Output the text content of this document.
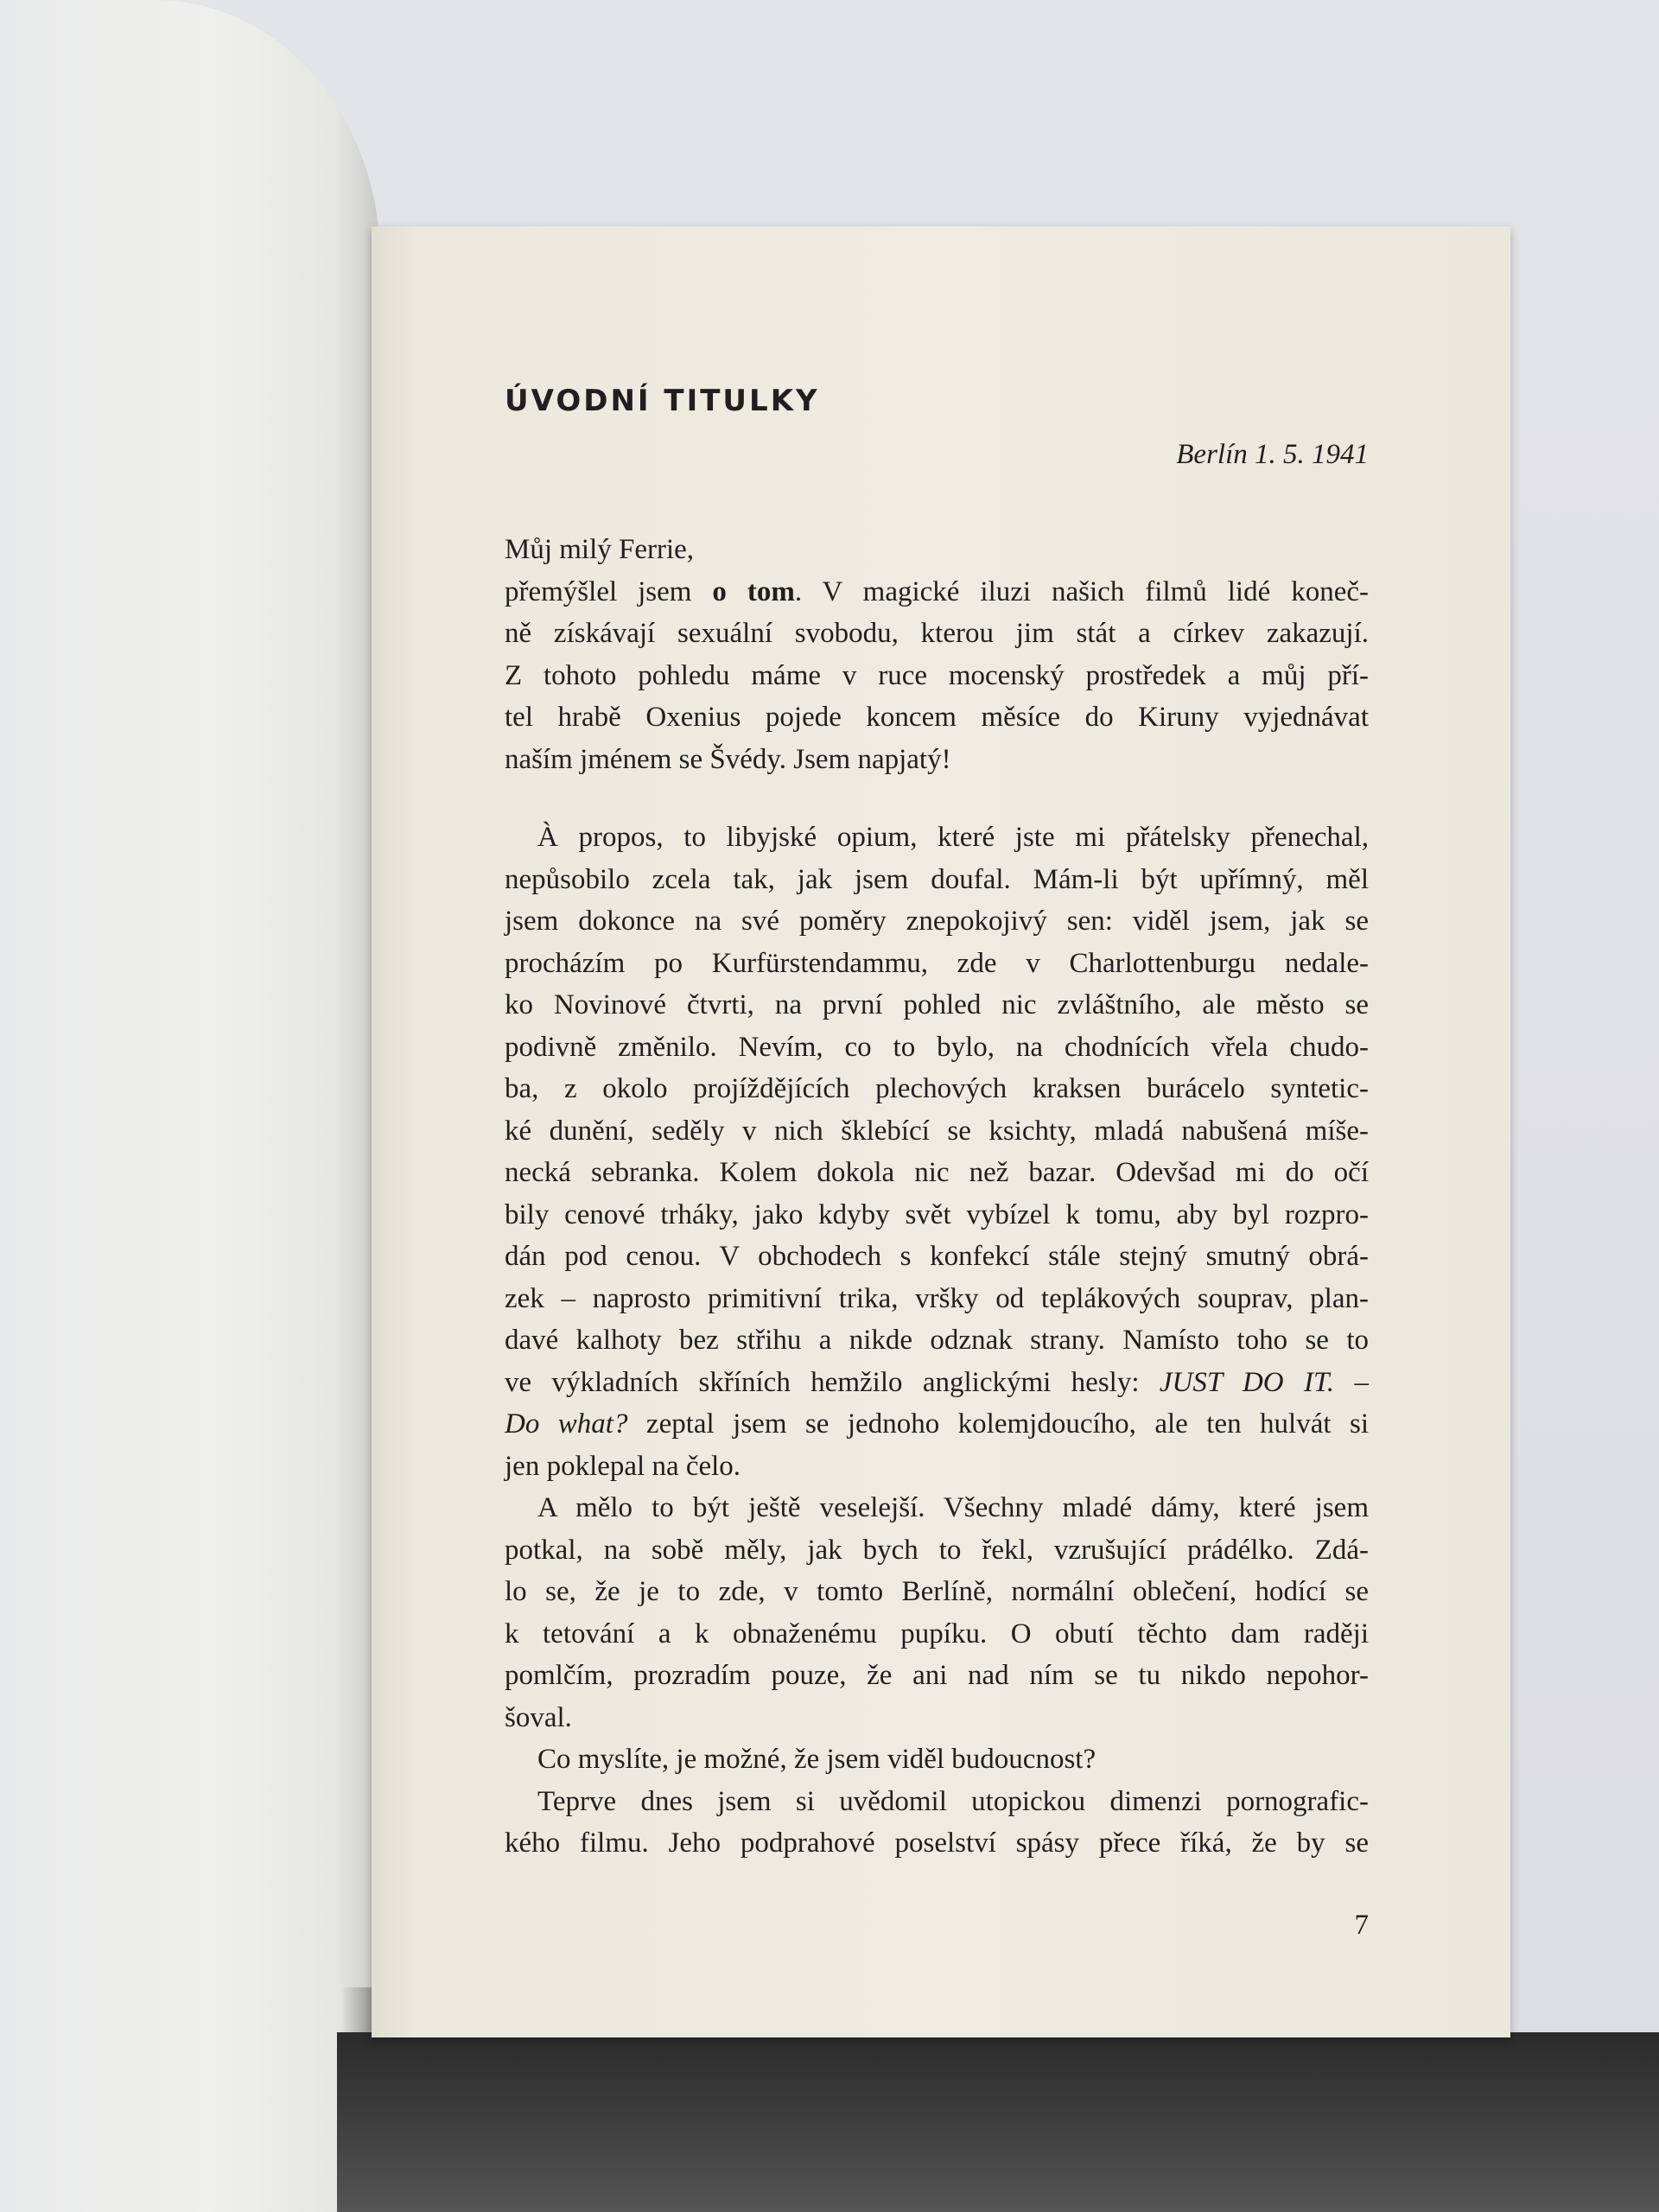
ÚVODNÍ TITULKY
Berlín 1. 5. 1941
Můj milý Ferrie,
přemýšlel jsem o tom. V magické iluzi našich filmů lidé koneč-
ně získávají sexuální svobodu, kterou jim stát a církev zakazují.
Z tohoto pohledu máme v ruce mocenský prostředek a můj pří-
tel hrabě Oxenius pojede koncem měsíce do Kiruny vyjednávat
naším jménem se Švédy. Jsem napjatý!
À propos, to libyjské opium, které jste mi přátelsky přenechal,
nepůsobilo zcela tak, jak jsem doufal. Mám-li být upřímný, měl
jsem dokonce na své poměry znepokojivý sen: viděl jsem, jak se
procházím po Kurfürstendammu, zde v Charlottenburgu nedale-
ko Novinové čtvrti, na první pohled nic zvláštního, ale město se
podivně změnilo. Nevím, co to bylo, na chodnících vřela chudo-
ba, z okolo projíždějících plechových kraksen burácelo syntetic-
ké dunění, seděly v nich šklebící se ksichty, mladá nabušená míše-
necká sebranka. Kolem dokola nic než bazar. Odevšad mi do očí
bily cenové trháky, jako kdyby svět vybízel k tomu, aby byl rozpro-
dán pod cenou. V obchodech s konfekcí stále stejný smutný obrá-
zek – naprosto primitivní trika, vršky od teplákových souprav, plan-
davé kalhoty bez střihu a nikde odznak strany. Namísto toho se to
ve výkladních skříních hemžilo anglickými hesly: JUST DO IT. –
Do what? zeptal jsem se jednoho kolemjdoucího, ale ten hulvát si
jen poklepal na čelo.
A mělo to být ještě veselejší. Všechny mladé dámy, které jsem
potkal, na sobě měly, jak bych to řekl, vzrušující prádélko. Zdá-
lo se, že je to zde, v tomto Berlíně, normální oblečení, hodící se
k tetování a k obnaženému pupíku. O obutí těchto dam raději
pomlčím, prozradím pouze, že ani nad ním se tu nikdo nepohor-
šoval.
Co myslíte, je možné, že jsem viděl budoucnost?
Teprve dnes jsem si uvědomil utopickou dimenzi pornografic-
kého filmu. Jeho podprahové poselství spásy přece říká, že by se
7
